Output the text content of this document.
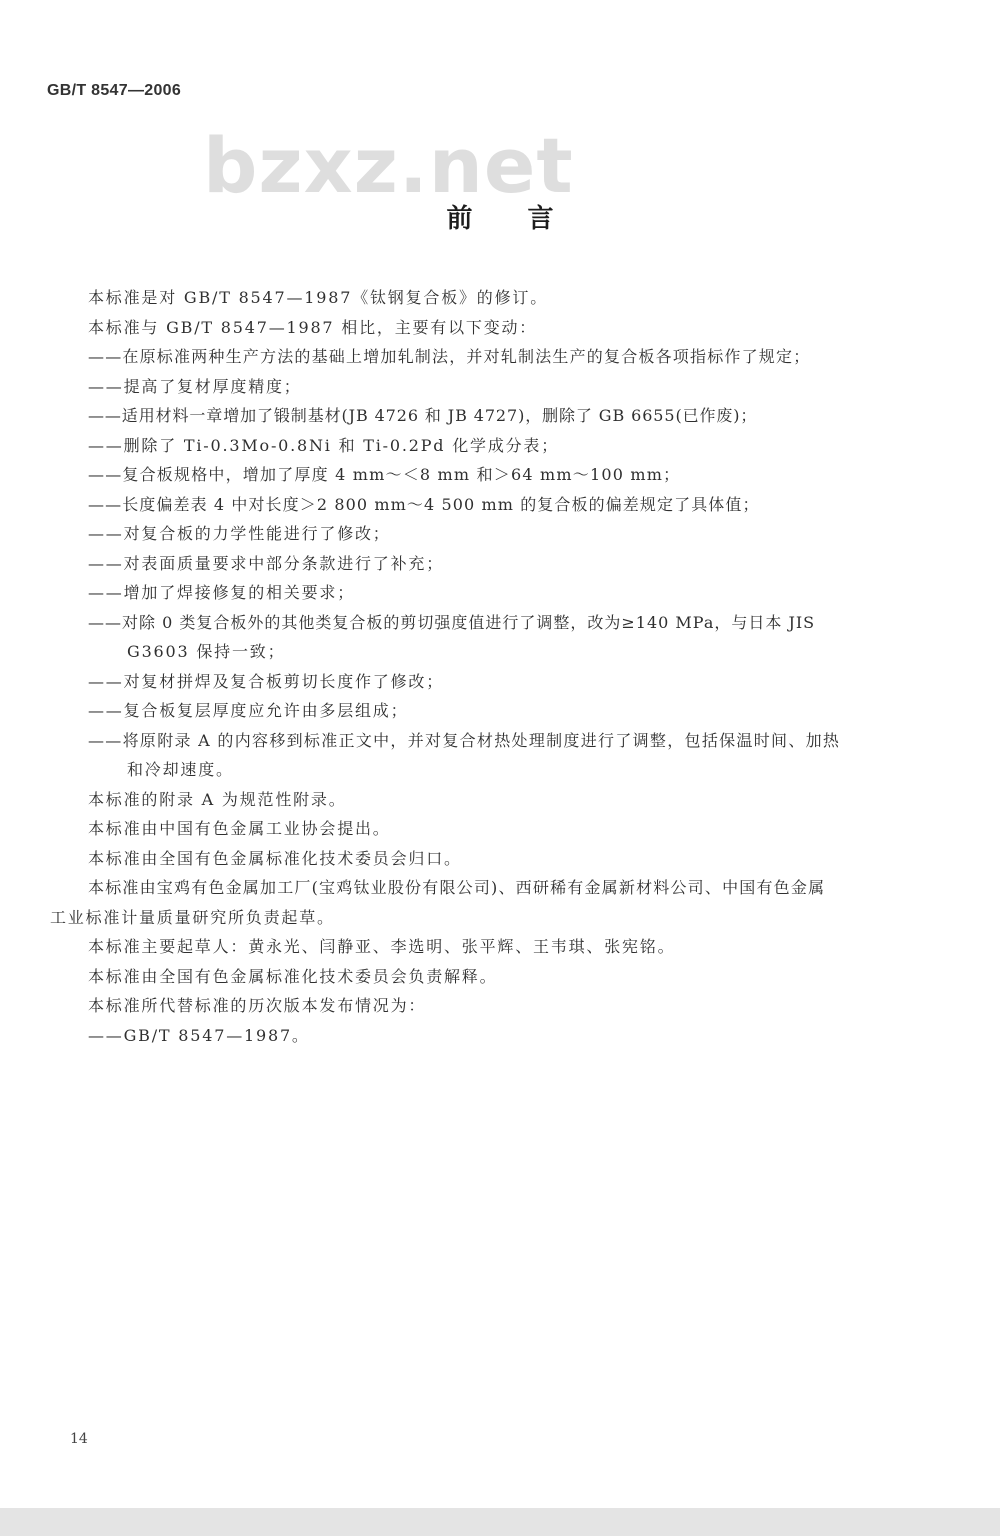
GB/T 8547—2006
bzxz.net
前 言
本标准是对 GB/T 8547—1987《钛钢复合板》的修订。
本标准与 GB/T 8547—1987 相比，主要有以下变动：
——在原标准两种生产方法的基础上增加轧制法，并对轧制法生产的复合板各项指标作了规定；
——提高了复材厚度精度；
——适用材料一章增加了锻制基材(JB 4726 和 JB 4727)，删除了 GB 6655(已作废)；
——删除了 Ti-0.3Mo-0.8Ni 和 Ti-0.2Pd 化学成分表；
——复合板规格中，增加了厚度 4 mm～＜8 mm 和＞64 mm～100 mm；
——长度偏差表 4 中对长度＞2 800 mm～4 500 mm 的复合板的偏差规定了具体值；
——对复合板的力学性能进行了修改；
——对表面质量要求中部分条款进行了补充；
——增加了焊接修复的相关要求；
——对除 0 类复合板外的其他类复合板的剪切强度值进行了调整，改为≥140 MPa，与日本 JIS
G3603 保持一致；
——对复材拼焊及复合板剪切长度作了修改；
——复合板复层厚度应允许由多层组成；
——将原附录 A 的内容移到标准正文中，并对复合材热处理制度进行了调整，包括保温时间、加热
和冷却速度。
本标准的附录 A 为规范性附录。
本标准由中国有色金属工业协会提出。
本标准由全国有色金属标准化技术委员会归口。
本标准由宝鸡有色金属加工厂(宝鸡钛业股份有限公司)、西研稀有金属新材料公司、中国有色金属
工业标准计量质量研究所负责起草。
本标准主要起草人：黄永光、闫静亚、李选明、张平辉、王韦琪、张宪铭。
本标准由全国有色金属标准化技术委员会负责解释。
本标准所代替标准的历次版本发布情况为：
——GB/T 8547—1987。
14
